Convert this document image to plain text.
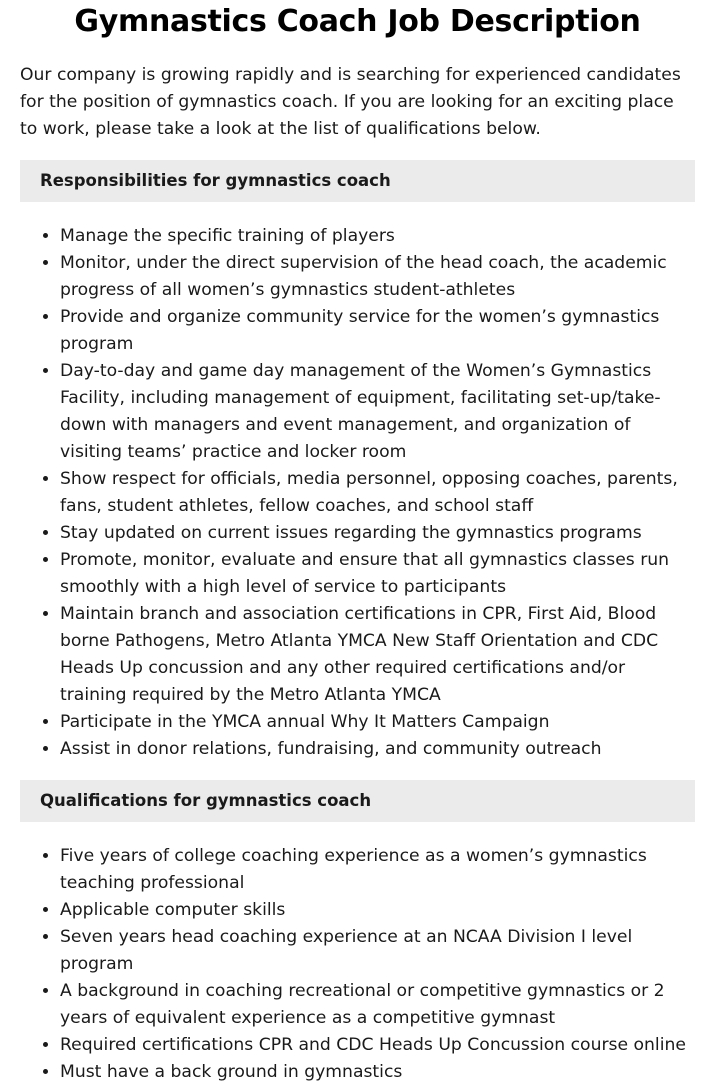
Gymnastics Coach Job Description

Our company is growing rapidly and is searching for experienced candidates for the position of gymnastics coach. If you are looking for an exciting place to work, please take a look at the list of qualifications below.

Responsibilities for gymnastics coach
• Manage the specific training of players
• Monitor, under the direct supervision of the head coach, the academic progress of all women’s gymnastics student-athletes
• Provide and organize community service for the women’s gymnastics program
• Day-to-day and game day management of the Women’s Gymnastics Facility, including management of equipment, facilitating set-up/take-down with managers and event management, and organization of visiting teams’ practice and locker room
• Show respect for officials, media personnel, opposing coaches, parents, fans, student athletes, fellow coaches, and school staff
• Stay updated on current issues regarding the gymnastics programs
• Promote, monitor, evaluate and ensure that all gymnastics classes run smoothly with a high level of service to participants
• Maintain branch and association certifications in CPR, First Aid, Blood borne Pathogens, Metro Atlanta YMCA New Staff Orientation and CDC Heads Up concussion and any other required certifications and/or training required by the Metro Atlanta YMCA
• Participate in the YMCA annual Why It Matters Campaign
• Assist in donor relations, fundraising, and community outreach
Qualifications for gymnastics coach
• Five years of college coaching experience as a women’s gymnastics teaching professional
• Applicable computer skills
• Seven years head coaching experience at an NCAA Division I level program
• A background in coaching recreational or competitive gymnastics or 2 years of equivalent experience as a competitive gymnast
• Required certifications CPR and CDC Heads Up Concussion course online
• Must have a back ground in gymnastics
